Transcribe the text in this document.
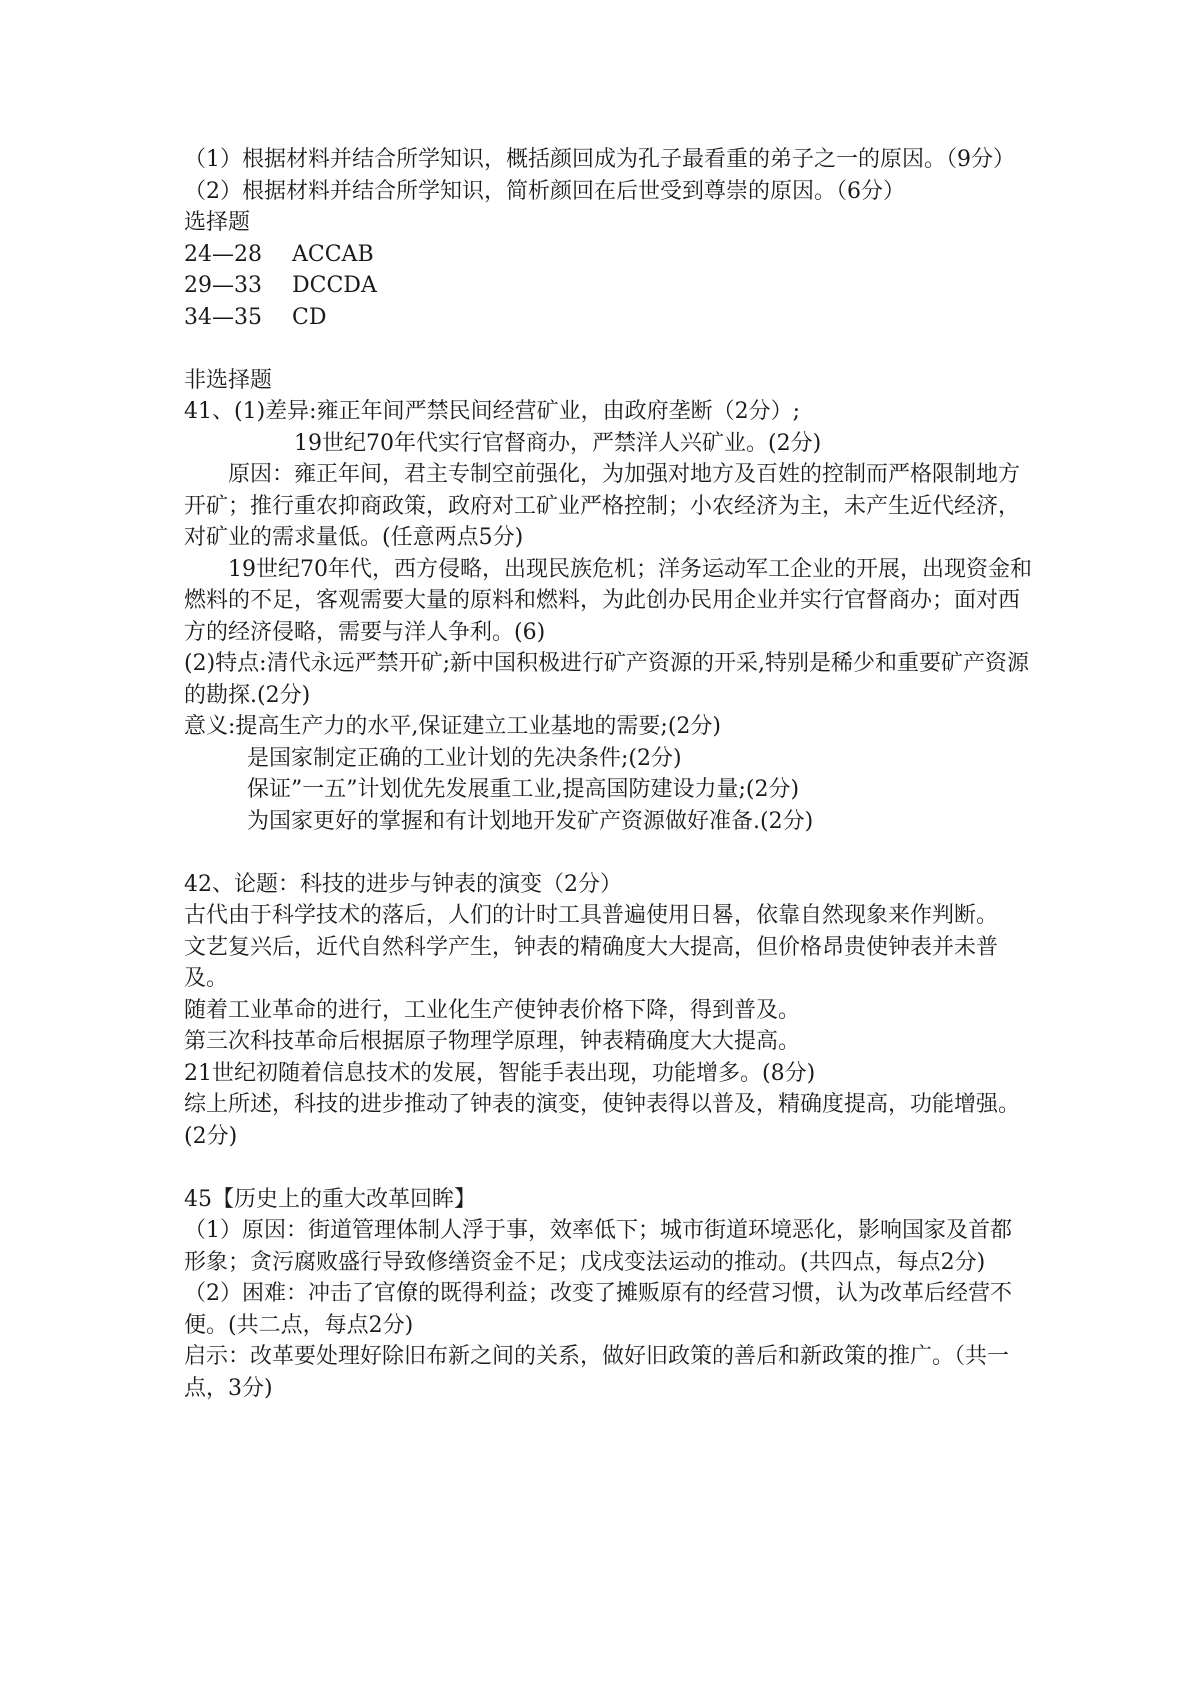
（1）根据材料并结合所学知识，概括颜回成为孔子最看重的弟子之一的原因。（9分）

（2）根据材料并结合所学知识，简析颜回在后世受到尊崇的原因。（6分）

选择题

24—28	ACCAB
29—33	DCCDA
34—35	CD

非选择题

41、(1)差异:雍正年间严禁民间经营矿业，由政府垄断（2分）;

19世纪70年代实行官督商办，严禁洋人兴矿业。(2分)

原因：雍正年间，君主专制空前强化，为加强对地方及百姓的控制而严格限制地方开矿；推行重农抑商政策，政府对工矿业严格控制；小农经济为主，未产生近代经济，对矿业的需求量低。(任意两点5分)

19世纪70年代，西方侵略，出现民族危机；洋务运动军工企业的开展，出现资金和燃料的不足，客观需要大量的原料和燃料，为此创办民用企业并实行官督商办；面对西方的经济侵略，需要与洋人争利。(6)

(2)特点:清代永远严禁开矿;新中国积极进行矿产资源的开采,特别是稀少和重要矿产资源的勘探.(2分)

意义:提高生产力的水平,保证建立工业基地的需要;(2分)

是国家制定正确的工业计划的先决条件;(2分)

保证”一五”计划优先发展重工业,提高国防建设力量;(2分)

为国家更好的掌握和有计划地开发矿产资源做好准备.(2分)

42、论题：科技的进步与钟表的演变（2分）

古代由于科学技术的落后，人们的计时工具普遍使用日晷，依靠自然现象来作判断。

文艺复兴后，近代自然科学产生，钟表的精确度大大提高，但价格昂贵使钟表并未普及。

随着工业革命的进行，工业化生产使钟表价格下降，得到普及。

第三次科技革命后根据原子物理学原理，钟表精确度大大提高。

21世纪初随着信息技术的发展，智能手表出现，功能增多。(8分)

综上所述，科技的进步推动了钟表的演变，使钟表得以普及，精确度提高，功能增强。(2分)

45【历史上的重大改革回眸】

（1）原因：街道管理体制人浮于事，效率低下；城市街道环境恶化，影响国家及首都形象；贪污腐败盛行导致修缮资金不足；戊戌变法运动的推动。(共四点，每点2分)

（2）困难：冲击了官僚的既得利益；改变了摊贩原有的经营习惯，认为改革后经营不便。(共二点，每点2分)

启示：改革要处理好除旧布新之间的关系，做好旧政策的善后和新政策的推广。（共一点，3分)
